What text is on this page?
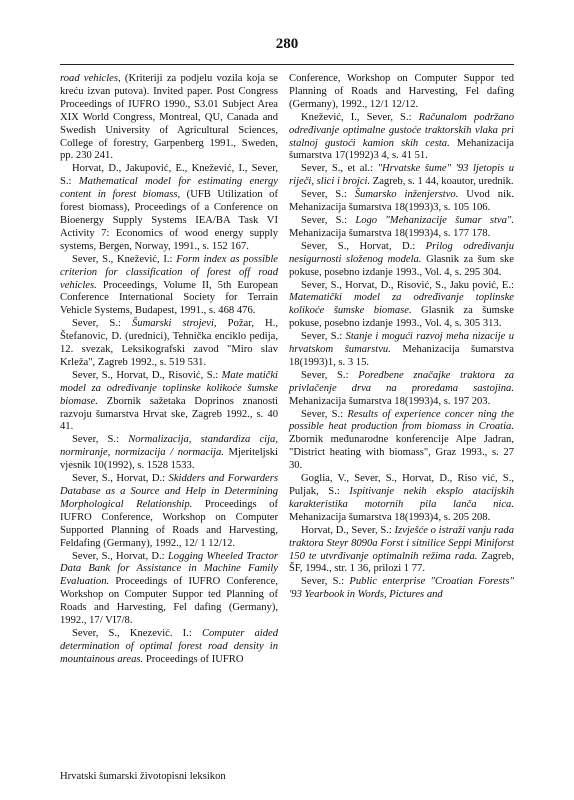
280

road vehicles, (Kriteriji za podjelu vozila koja se kreću izvan putova). Invited paper. Post Congress Proceedings of IUFRO 1990., S3.01 Subject Area XIX World Congress, Montreal, QU, Canada and Swedish University of Agricultural Sciences, College of forestry, Garpenberg 1991., Sweden, pp. 230 241.

Horvat, D., Jakupović, E., Knežević, I., Sever, S.: Mathematical model for estimating energy content in forest biomass, (UFB Utilization of forest biomass), Proceedings of a Conference on Bioenergy Supply Systems IEA/BA Task VI Activity 7: Economics of wood energy supply systems, Bergen, Norway, 1991., s. 152 167.

Sever, S., Knežević, I.: Form index as possible criterion for classification of forest off road vehicles. Proceedings, Volume II, 5th European Conference International Society for Terrain Vehicle Systems, Budapest, 1991., s. 468 476.

Sever, S.: Šumarski strojevi, Požar, H., Štefanovic, D. (urednici), Tehnička enciklo pedija, 12. svezak, Leksikografski zavod "Miro slav Krleža", Zagreb 1992., s. 519 531.

Sever, S., Horvat, D., Risović, S.: Mate matički model za određivanje toplinske kolikoće šumske biomase. Zbornik sažetaka Doprinos znanosti razvoju šumarstva Hrvat ske, Zagreb 1992., s. 40 41.

Sever, S.: Normalizacija, standardiza cija, normiranje, normizacija / normacija. Mjeriteljski vjesnik 10(1992), s. 1528 1533.

Sever, S., Horvat, D.: Skidders and Forwarders Database as a Source and Help in Determining Morphological Relationship. Proceedings of IUFRO Conference, Workshop on Computer Supported Planning of Roads and Harvesting, Feldafing (Germany), 1992., 12/ 1 12/12.

Sever, S., Horvat, D.: Logging Wheeled Tractor Data Bank for Assistance in Machine Family Evaluation. Proceedings of IUFRO Conference, Workshop on Computer Suppor ted Planning of Roads and Harvesting, Fel dafing (Germany), 1992., 17/ VI7/8.

Sever, S., Knezević. I.: Computer aided determination of optimal forest road density in mountainous areas. Proceedings of IUFRO

Conference, Workshop on Computer Suppor ted Planning of Roads and Harvesting, Fel dafing (Germany), 1992., 12/1 12/12.

Knežević, I., Sever, S.: Računalom podržano određivanje optimalne gustoće traktorskih vlaka pri stalnoj gustoći kamion skih cesta. Mehanizacija šumarstva 17(1992)3 4, s. 41 51.

Sever, S., et al.: "Hrvatske šume" '93 ljetopis u riječi, slici i brojci. Zagreb, s. 1 44, koautor, urednik.

Sever, S.: Šumarsko inženjerstvo. Uvod nik. Mehanizacija šumarstva 18(1993)3, s. 105 106.

Sever, S.: Logo "Mehanizacije šumar stva". Mehanizacija šumarstva 18(1993)4, s. 177 178.

Sever, S., Horvat, D.: Prilog određivanju nesigurnosti složenog modela. Glasnik za šum ske pokuse, posebno izdanje 1993., Vol. 4, s. 295 304.

Sever, S., Horvat, D., Risović, S., Jaku pović, E.: Matematički model za određivanje toplinske kolikoće šumske biomase. Glasnik za šumske pokuse, posebno izdanje 1993., Vol. 4, s. 305 313.

Sever, S.: Stanje i mogući razvoj meha nizacije u hrvatskom šumarstvu. Mehanizacija šumarstva 18(1993)1, s. 3 15.

Sever, S.: Poredbene značajke traktora za privlačenje drva na proredama sastojina. Mehanizacija šumarstva 18(1993)4, s. 197 203.

Sever, S.: Results of experience concer ning the possible heat production from biomass in Croatia. Zbornik međunarodne konferencije Alpe Jadran, "District heating with biomass", Graz 1993., s. 27 30.

Goglia, V., Sever, S., Horvat, D., Riso vić, S., Puljak, S.: Ispitivanje nekih eksplo atacijskih karakteristika motornih pila lanča nica. Mehanizacija šumarstva 18(1993)4, s. 205 208.

Horvat, D., Sever, S.: Izvješće o istraži vanju rada traktora Steyr 8090a Forst i sitnilice Seppi Miniforst 150 te utvrđivanje optimalnih režima rada. Zagreb, ŠF, 1994., str. 1 36, prilozi 1 77.

Sever, S.: Public enterprise "Croatian Forests" '93 Yearbook in Words, Pictures and

Hrvatski šumarski životopisni leksikon
